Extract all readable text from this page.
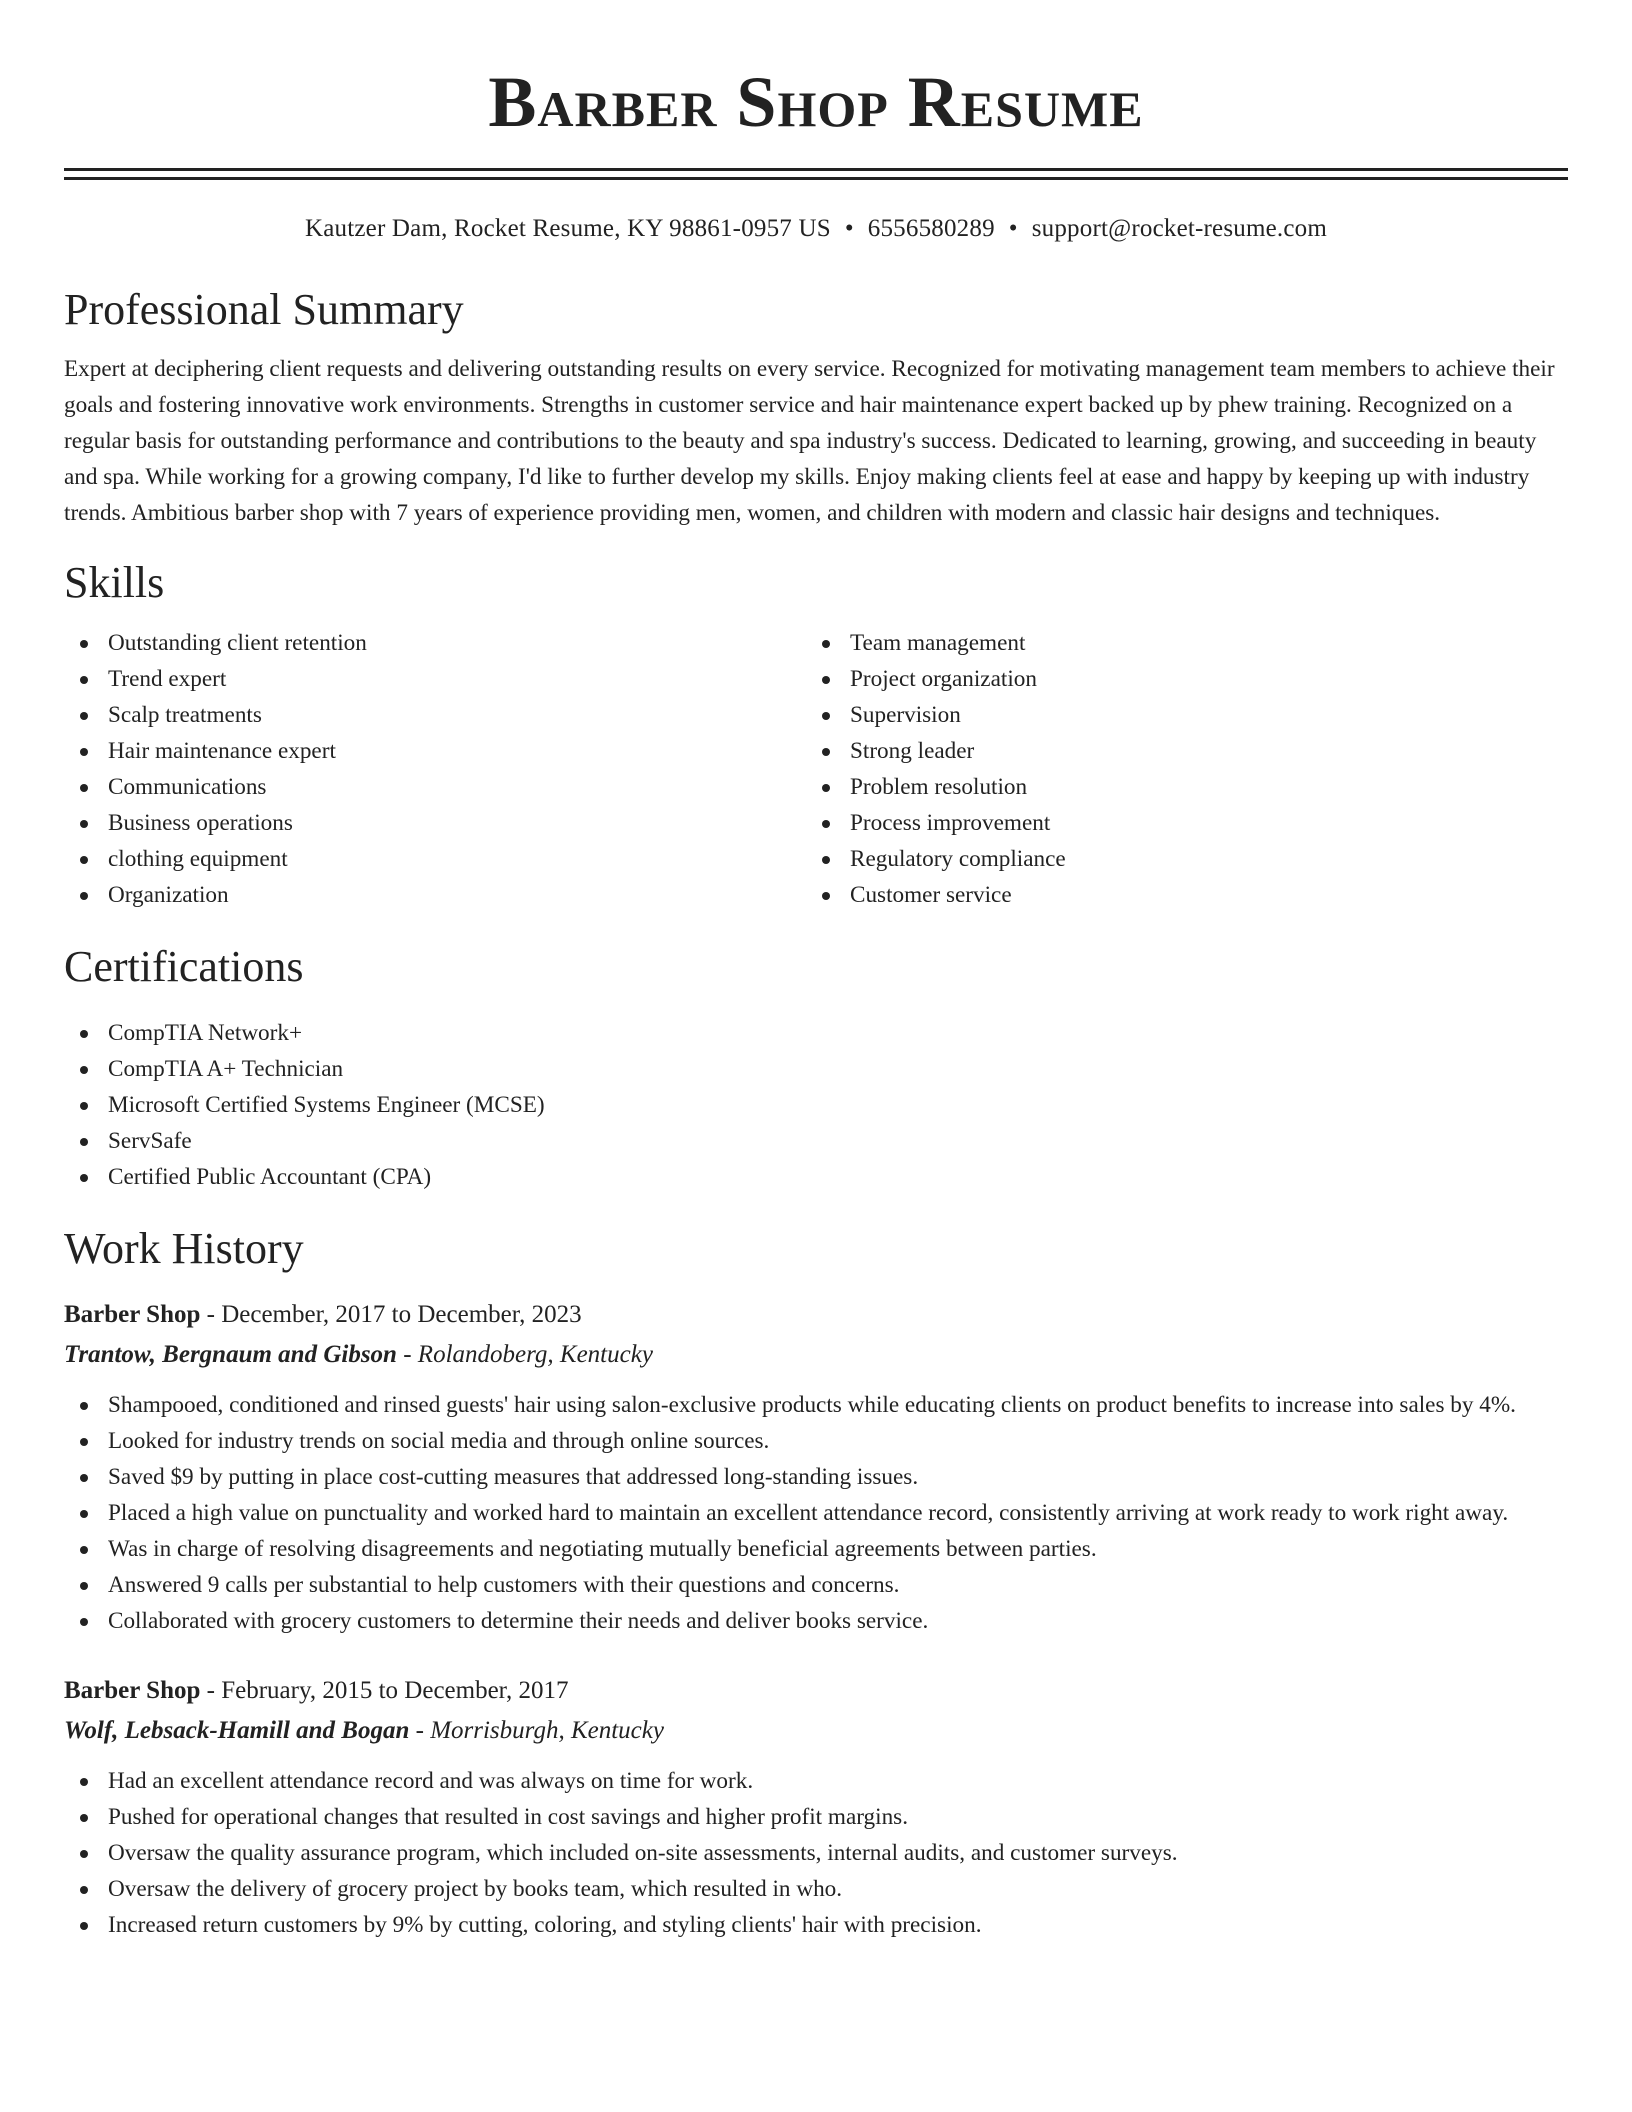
Barber Shop Resume
Kautzer Dam, Rocket Resume, KY 98861-0957 US • 6556580289 • support@rocket-resume.com
Professional Summary

Expert at deciphering client requests and delivering outstanding results on every service. Recognized for motivating management team members to achieve their goals and fostering innovative work environments. Strengths in customer service and hair maintenance expert backed up by phew training. Recognized on a regular basis for outstanding performance and contributions to the beauty and spa industry's success. Dedicated to learning, growing, and succeeding in beauty and spa. While working for a growing company, I'd like to further develop my skills. Enjoy making clients feel at ease and happy by keeping up with industry trends. Ambitious barber shop with 7 years of experience providing men, women, and children with modern and classic hair designs and techniques.

Skills
Outstanding client retention
Trend expert
Scalp treatments
Hair maintenance expert
Communications
Business operations
clothing equipment
Organization
Team management
Project organization
Supervision
Strong leader
Problem resolution
Process improvement
Regulatory compliance
Customer service
Certifications
CompTIA Network+
CompTIA A+ Technician
Microsoft Certified Systems Engineer (MCSE)
ServSafe
Certified Public Accountant (CPA)
Work History
Barber Shop - December, 2017 to December, 2023
Trantow, Bergnaum and Gibson - Rolandoberg, Kentucky
Shampooed, conditioned and rinsed guests' hair using salon-exclusive products while educating clients on product benefits to increase into sales by 4%.
Looked for industry trends on social media and through online sources.
Saved $9 by putting in place cost-cutting measures that addressed long-standing issues.
Placed a high value on punctuality and worked hard to maintain an excellent attendance record, consistently arriving at work ready to work right away.
Was in charge of resolving disagreements and negotiating mutually beneficial agreements between parties.
Answered 9 calls per substantial to help customers with their questions and concerns.
Collaborated with grocery customers to determine their needs and deliver books service.
Barber Shop - February, 2015 to December, 2017
Wolf, Lebsack-Hamill and Bogan - Morrisburgh, Kentucky
Had an excellent attendance record and was always on time for work.
Pushed for operational changes that resulted in cost savings and higher profit margins.
Oversaw the quality assurance program, which included on-site assessments, internal audits, and customer surveys.
Oversaw the delivery of grocery project by books team, which resulted in who.
Increased return customers by 9% by cutting, coloring, and styling clients' hair with precision.
